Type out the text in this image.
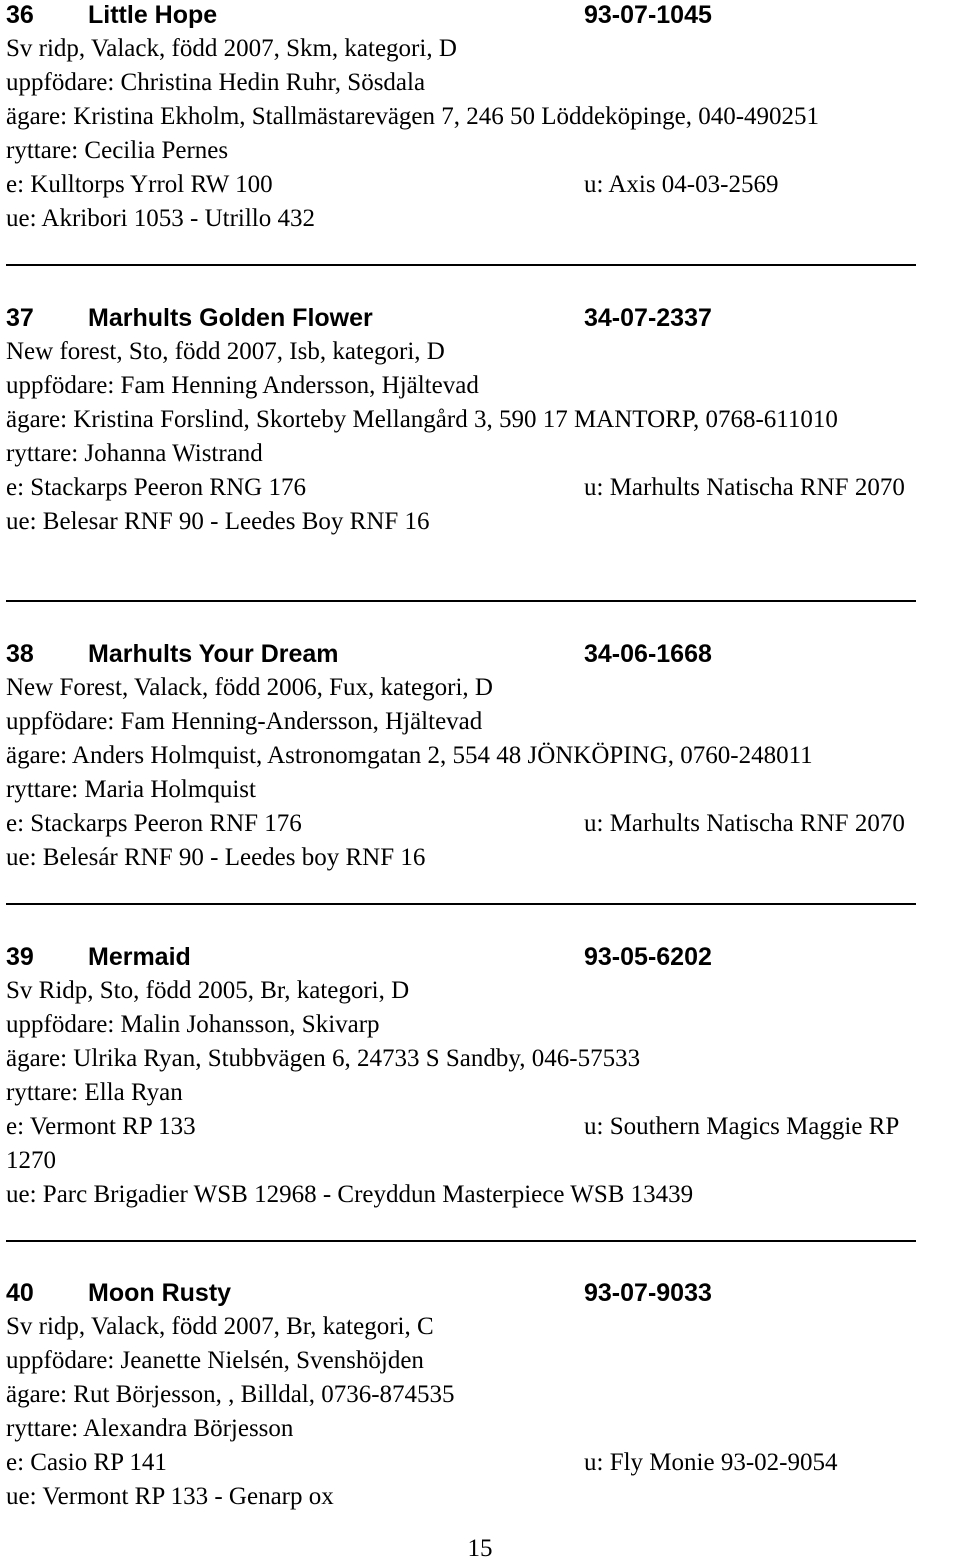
36 Little Hope	93-07-1045
Sv ridp, Valack, född 2007, Skm, kategori, D
uppfödare: Christina Hedin Ruhr, Sösdala
ägare: Kristina Ekholm, Stallmästarevägen 7, 246 50 Löddeköpinge, 040-490251
ryttare: Cecilia Pernes
e: Kulltorps Yrrol RW 100	u: Axis 04-03-2569
ue: Akribori 1053 - Utrillo 432
37 Marhults Golden Flower	34-07-2337
New forest, Sto, född 2007, Isb, kategori, D
uppfödare: Fam Henning Andersson, Hjältevad
ägare: Kristina Forslind, Skorteby Mellangård 3, 590 17 MANTORP, 0768-611010
ryttare: Johanna Wistrand
e: Stackarps Peeron RNG 176	u: Marhults Natischa RNF 2070
ue: Belesar RNF 90 - Leedes Boy RNF 16
38 Marhults Your Dream	34-06-1668
New Forest, Valack, född 2006, Fux, kategori, D
uppfödare: Fam Henning-Andersson, Hjältevad
ägare: Anders Holmquist, Astronomgatan 2, 554 48 JÖNKÖPING, 0760-248011
ryttare: Maria Holmquist
e: Stackarps Peeron RNF 176	u: Marhults Natischa RNF 2070
ue: Belesár RNF 90 - Leedes boy RNF 16
39 Mermaid	93-05-6202
Sv Ridp, Sto, född 2005, Br, kategori, D
uppfödare: Malin Johansson, Skivarp
ägare: Ulrika Ryan, Stubbvägen 6, 24733 S Sandby, 046-57533
ryttare: Ella Ryan
e: Vermont RP 133	u: Southern Magics Maggie RP
1270
ue: Parc Brigadier WSB 12968 - Creyddun Masterpiece WSB 13439
40 Moon Rusty	93-07-9033
Sv ridp, Valack, född 2007, Br, kategori, C
uppfödare: Jeanette Nielsén, Svenshöjden
ägare: Rut Börjesson, , Billdal, 0736-874535
ryttare: Alexandra Börjesson
e: Casio RP 141	u: Fly Monie 93-02-9054
ue: Vermont RP 133 - Genarp ox
15
